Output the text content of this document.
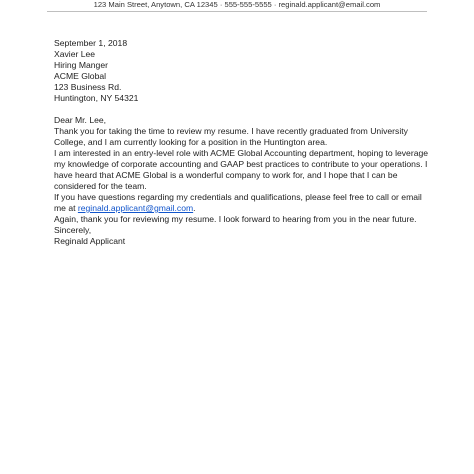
123 Main Street, Anytown, CA 12345 · 555-555-5555 · reginald.applicant@email.com

September 1, 2018

Xavier Lee

Hiring Manger

ACME Global

123 Business Rd.

Huntington, NY 54321

Dear Mr. Lee,

Thank you for taking the time to review my resume. I have recently graduated from University College, and I am currently looking for a position in the Huntington area.

I am interested in an entry-level role with ACME Global Accounting department, hoping to leverage my knowledge of corporate accounting and GAAP best practices to contribute to your operations. I have heard that ACME Global is a wonderful company to work for, and I hope that I can be considered for the team.

If you have questions regarding my credentials and qualifications, please feel free to call or email me at reginald.applicant@gmail.com.

Again, thank you for reviewing my resume. I look forward to hearing from you in the near future.

Sincerely,

Reginald Applicant
